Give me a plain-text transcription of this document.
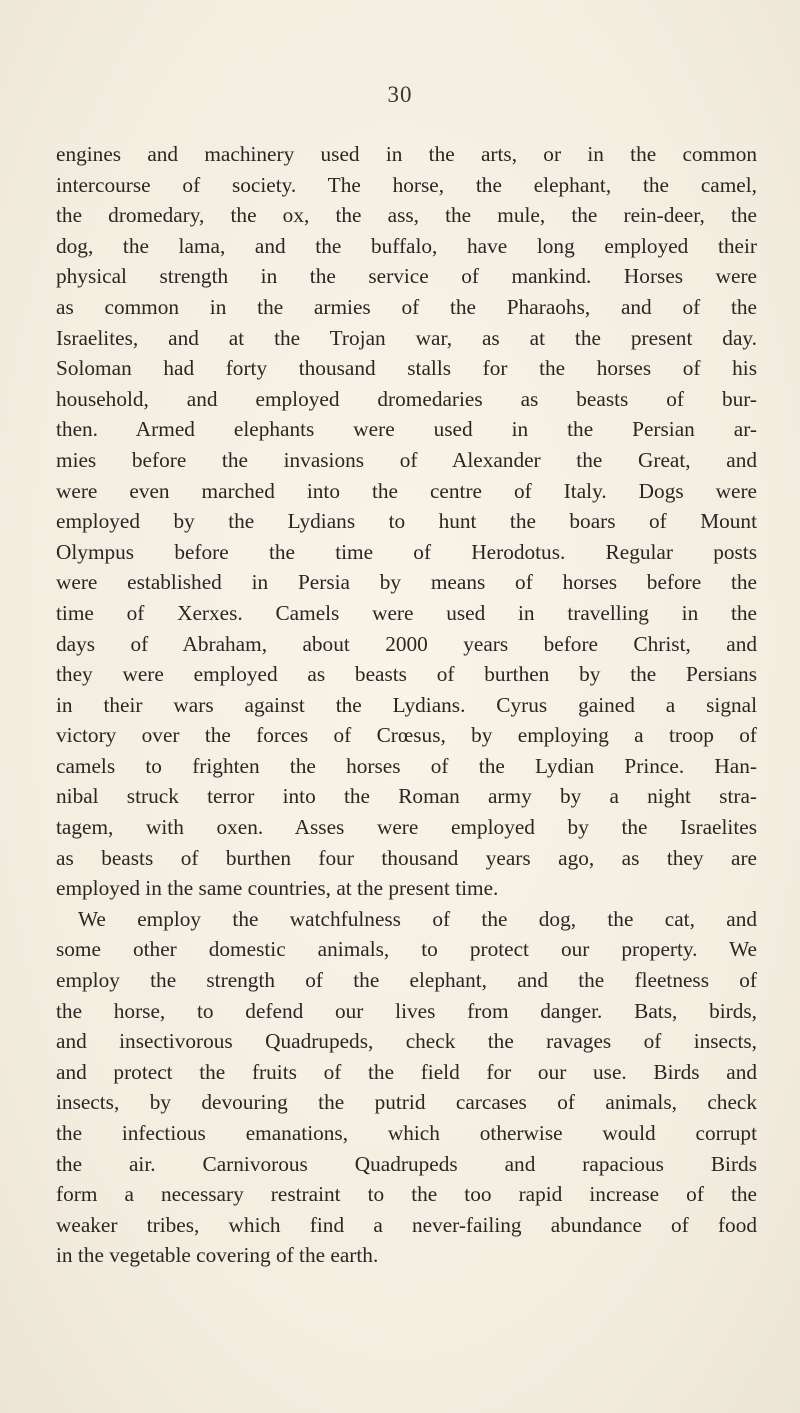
30
engines and machinery used in the arts, or in the common
intercourse of society. The horse, the elephant, the camel,
the dromedary, the ox, the ass, the mule, the rein-deer, the
dog, the lama, and the buffalo, have long employed their
physical strength in the service of mankind. Horses were
as common in the armies of the Pharaohs, and of the
Israelites, and at the Trojan war, as at the present day.
Soloman had forty thousand stalls for the horses of his
household, and employed dromedaries as beasts of bur-
then. Armed elephants were used in the Persian ar-
mies before the invasions of Alexander the Great, and
were even marched into the centre of Italy. Dogs were
employed by the Lydians to hunt the boars of Mount
Olympus before the time of Herodotus. Regular posts
were established in Persia by means of horses before the
time of Xerxes. Camels were used in travelling in the
days of Abraham, about 2000 years before Christ, and
they were employed as beasts of burthen by the Persians
in their wars against the Lydians. Cyrus gained a signal
victory over the forces of Crœsus, by employing a troop of
camels to frighten the horses of the Lydian Prince. Han-
nibal struck terror into the Roman army by a night stra-
tagem, with oxen. Asses were employed by the Israelites
as beasts of burthen four thousand years ago, as they are
employed in the same countries, at the present time.
We employ the watchfulness of the dog, the cat, and
some other domestic animals, to protect our property. We
employ the strength of the elephant, and the fleetness of
the horse, to defend our lives from danger. Bats, birds,
and insectivorous Quadrupeds, check the ravages of insects,
and protect the fruits of the field for our use. Birds and
insects, by devouring the putrid carcases of animals, check
the infectious emanations, which otherwise would corrupt
the air. Carnivorous Quadrupeds and rapacious Birds
form a necessary restraint to the too rapid increase of the
weaker tribes, which find a never-failing abundance of food
in the vegetable covering of the earth.
